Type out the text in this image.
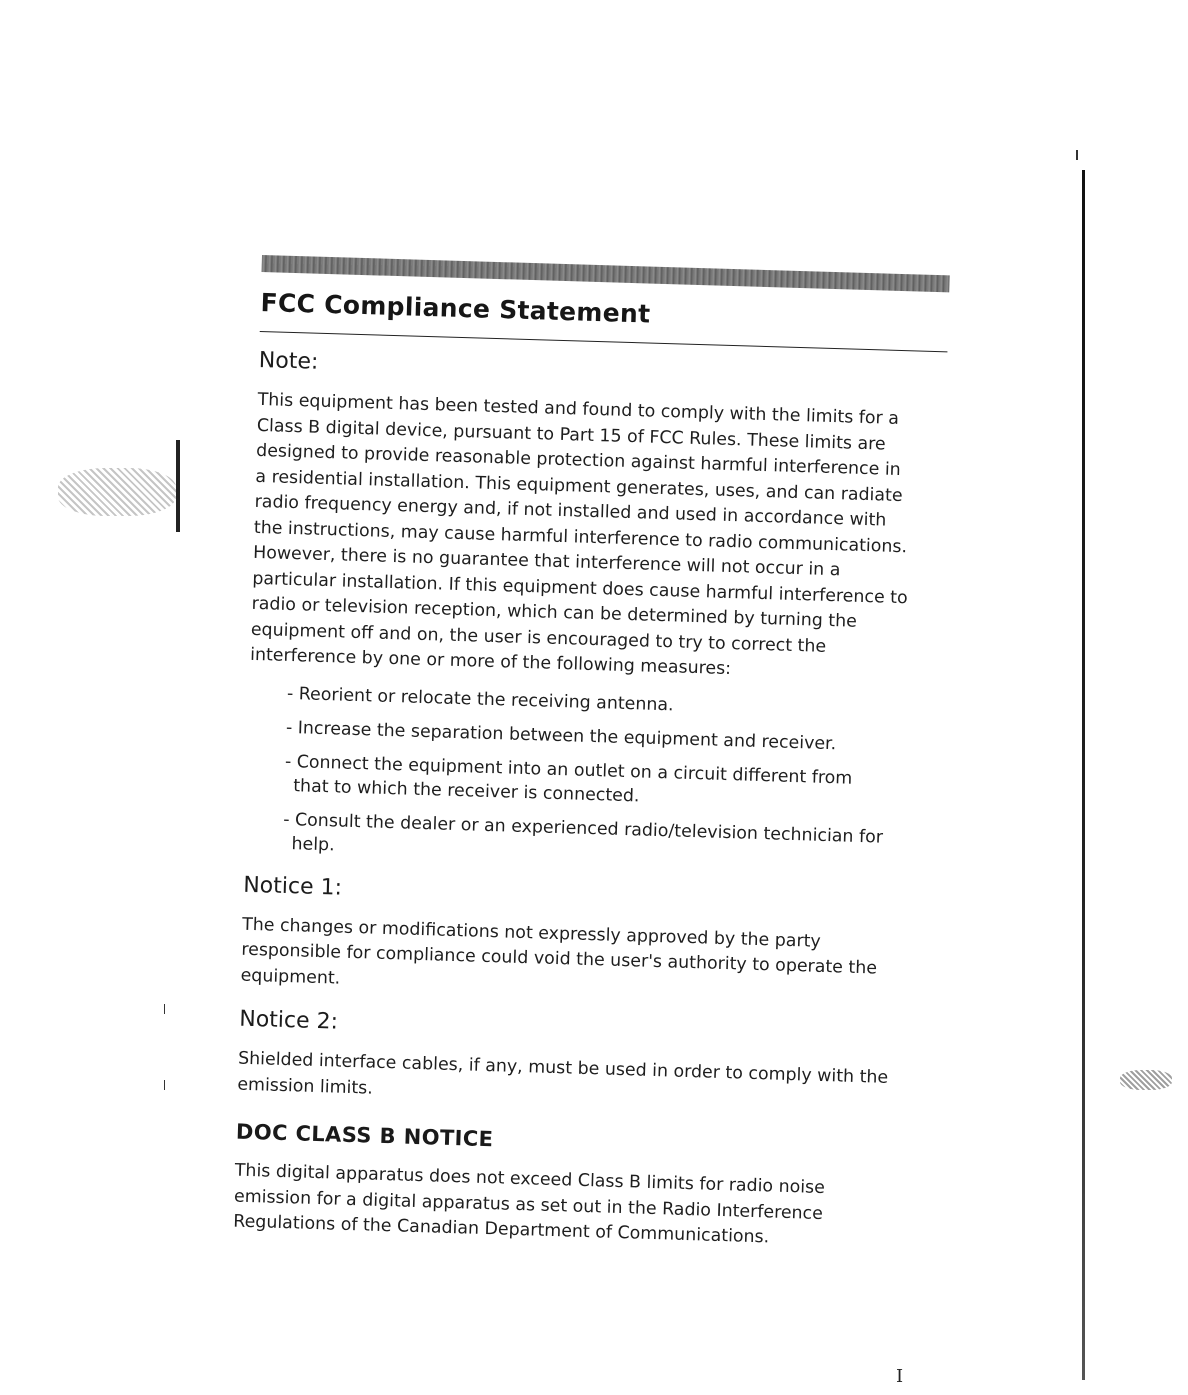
FCC Compliance Statement
Note:

This equipment has been tested and found to comply with the limits for a Class B digital device, pursuant to Part 15 of FCC Rules. These limits are designed to provide reasonable protection against harmful interference in a residential installation. This equipment generates, uses, and can radiate radio frequency energy and, if not installed and used in accordance with the instructions, may cause harmful interference to radio communications. However, there is no guarantee that interference will not occur in a particular installation. If this equipment does cause harmful interference to radio or television reception, which can be determined by turning the equipment off and on, the user is encouraged to try to correct the interference by one or more of the following measures:

- Reorient or relocate the receiving antenna.
- Increase the separation between the equipment and receiver.
- Connect the equipment into an outlet on a circuit different from that to which the receiver is connected.
- Consult the dealer or an experienced radio/television technician for help.
Notice 1:

The changes or modifications not expressly approved by the party responsible for compliance could void the user's authority to operate the equipment.

Notice 2:

Shielded interface cables, if any, must be used in order to comply with the emission limits.

DOC CLASS B NOTICE

This digital apparatus does not exceed Class B limits for radio noise emission for a digital apparatus as set out in the Radio Interference Regulations of the Canadian Department of Communications.

I
